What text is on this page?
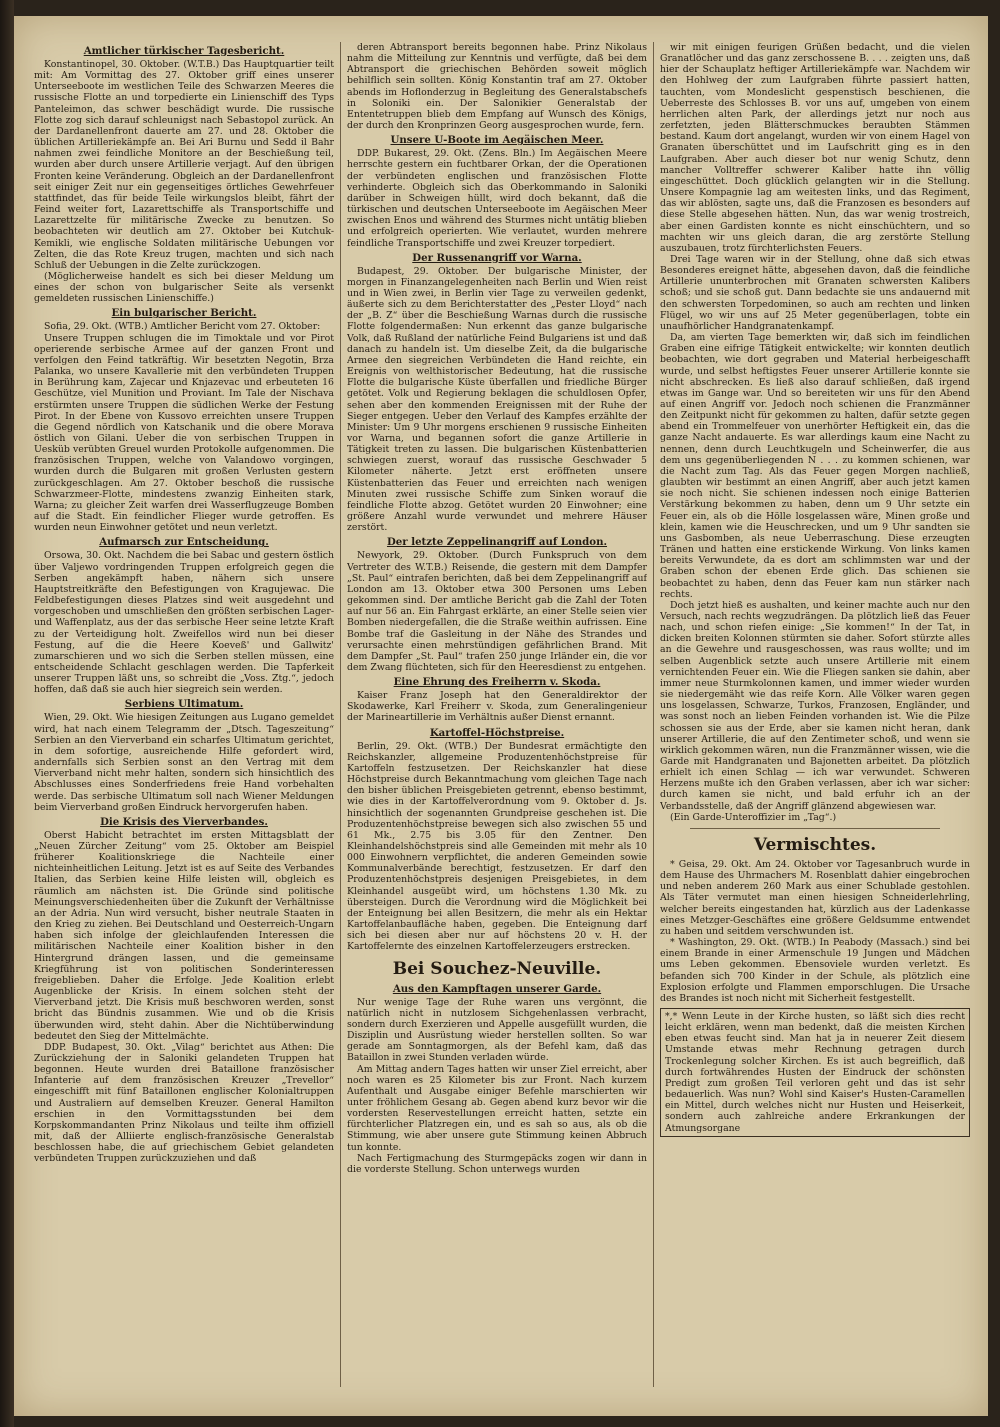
Amtlicher türkischer Tagesbericht.

Konstantinopel, 30. Oktober. (W.T.B.) Das Hauptquartier teilt mit: Am Vormittag des 27. Oktober griff eines unserer Unterseeboote im westlichen Teile des Schwarzen Meeres die russische Flotte an und torpedierte ein Linienschiff des Typs Panteleimon, das schwer beschädigt wurde. Die russische Flotte zog sich darauf schleunigst nach Sebastopol zurück. An der Dardanellenfront dauerte am 27. und 28. Oktober die üblichen Artilleriekämpfe an. Bei Ari Burnu und Sedd il Bahr nahmen zwei feindliche Monitore an der Beschießung teil, wurden aber durch unsere Artillerie verjagt. Auf den übrigen Fronten keine Veränderung. Obgleich an der Dardanellenfront seit einiger Zeit nur ein gegenseitiges örtliches Gewehrfeuer stattfindet, das für beide Teile wirkungslos bleibt, fährt der Feind weiter fort, Lazarettschiffe als Transportschiffe und Lazarettzelte für militärische Zwecke zu benutzen. So beobachteten wir deutlich am 27. Oktober bei Kutchuk-Kemikli, wie englische Soldaten militärische Uebungen vor Zelten, die das Rote Kreuz trugen, machten und sich nach Schluß der Uebungen in die Zelte zurückzogen.

(Möglicherweise handelt es sich bei dieser Meldung um eines der schon von bulgarischer Seite als versenkt gemeldeten russischen Linienschiffe.)

Ein bulgarischer Bericht.

Sofia, 29. Okt. (WTB.) Amtlicher Bericht vom 27. Oktober:

Unsere Truppen schlugen die im Timoktale und vor Pirot operierende serbische Armee auf der ganzen Front und verfolgen den Feind tatkräftig. Wir besetzten Negotin, Brza Palanka, wo unsere Kavallerie mit den verbündeten Truppen in Berührung kam, Zajecar und Knjazevac und erbeuteten 16 Geschütze, viel Munition und Proviant. Im Tale der Nischava erstürmten unsere Truppen die südlichen Werke der Festung Pirot. In der Ebene von Kussovo erreichten unsere Truppen die Gegend nördlich von Katschanik und die obere Morava östlich von Gilani. Ueber die von serbischen Truppen in Uesküb verübten Greuel wurden Protokolle aufgenommen. Die französischen Truppen, welche von Valandowo vorgingen, wurden durch die Bulgaren mit großen Verlusten gestern zurückgeschlagen. Am 27. Oktober beschoß die russische Schwarzmeer-Flotte, mindestens zwanzig Einheiten stark, Warna; zu gleicher Zeit warfen drei Wasserflugzeuge Bomben auf die Stadt. Ein feindlicher Flieger wurde getroffen. Es wurden neun Einwohner getötet und neun verletzt.

Aufmarsch zur Entscheidung.

Orsowa, 30. Okt. Nachdem die bei Sabac und gestern östlich über Valjewo vordringenden Truppen erfolgreich gegen die Serben angekämpft haben, nähern sich unsere Hauptstreitkräfte den Befestigungen von Kragujewac. Die Feldbefestigungen dieses Platzes sind weit ausgedehnt und vorgeschoben und umschließen den größten serbischen Lager- und Waffenplatz, aus der das serbische Heer seine letzte Kraft zu der Verteidigung holt. Zweifellos wird nun bei dieser Festung, auf die die Heere Koeveß' und Gallwitz' zumarschieren und wo sich die Serben stellen müssen, eine entscheidende Schlacht geschlagen werden. Die Tapferkeit unserer Truppen läßt uns, so schreibt die „Voss. Ztg.“, jedoch hoffen, daß daß sie auch hier siegreich sein werden.

Serbiens Ultimatum.

Wien, 29. Okt. Wie hiesigen Zeitungen aus Lugano gemeldet wird, hat nach einem Telegramm der „Dtsch. Tageszeitung“ Serbien an den Vierverband ein scharfes Ultimatum gerichtet, in dem sofortige, ausreichende Hilfe gefordert wird, andernfalls sich Serbien sonst an den Vertrag mit dem Vierverband nicht mehr halten, sondern sich hinsichtlich des Abschlusses eines Sonderfriedens freie Hand vorbehalten werde. Das serbische Ultimatum soll nach Wiener Meldungen beim Vierverband großen Eindruck hervorgerufen haben.

Die Krisis des Vierverbandes.

Oberst Habicht betrachtet im ersten Mittagsblatt der „Neuen Zürcher Zeitung“ vom 25. Oktober am Beispiel früherer Koalitionskriege die Nachteile einer nichteinheitlichen Leitung. Jetzt ist es auf Seite des Verbandes Italien, das Serbien keine Hilfe leisten will, obgleich es räumlich am nächsten ist. Die Gründe sind politische Meinungsverschiedenheiten über die Zukunft der Verhältnisse an der Adria. Nun wird versucht, bisher neutrale Staaten in den Krieg zu ziehen. Bei Deutschland und Oesterreich-Ungarn haben sich infolge der gleichlaufenden Interessen die militärischen Nachteile einer Koalition bisher in den Hintergrund drängen lassen, und die gemeinsame Kriegführung ist von politischen Sonderinteressen freigeblieben. Daher die Erfolge. Jede Koalition erlebt Augenblicke der Krisis. In einem solchen steht der Vierverband jetzt. Die Krisis muß beschworen werden, sonst bricht das Bündnis zusammen. Wie und ob die Krisis überwunden wird, steht dahin. Aber die Nichtüberwindung bedeutet den Sieg der Mittelmächte.

DDP. Budapest, 30. Okt. „Vilag“ berichtet aus Athen: Die Zurückziehung der in Saloniki gelandeten Truppen hat begonnen. Heute wurden drei Bataillone französischer Infanterie auf dem französischen Kreuzer „Trevellor“ eingeschifft mit fünf Bataillonen englischer Kolonialtruppen und Australiern auf demselben Kreuzer. General Hamilton erschien in den Vormittagsstunden bei dem Korpskommandanten Prinz Nikolaus und teilte ihm offiziell mit, daß der Alliierte englisch-französische Generalstab beschlossen habe, die auf griechischem Gebiet gelandeten verbündeten Truppen zurückzuziehen und daß

deren Abtransport bereits begonnen habe. Prinz Nikolaus nahm die Mitteilung zur Kenntnis und verfügte, daß bei dem Abtransport die griechischen Behörden soweit möglich behilflich sein sollten. König Konstantin traf am 27. Oktober abends im Hoflonderzug in Begleitung des Generalstabschefs in Soloniki ein. Der Salonikier Generalstab der Ententetruppen blieb dem Empfang auf Wunsch des Königs, der durch den Kronprinzen Georg ausgesprochen wurde, fern.

Unsere U-Boote im Aegäischen Meer.

DDP. Bukarest, 29. Okt. (Zens. Bln.) Im Aegäischen Meere herrschte gestern ein fuchtbarer Orkan, der die Operationen der verbündeten englischen und französischen Flotte verhinderte. Obgleich sich das Oberkommando in Saloniki darüber in Schweigen hüllt, wird doch bekannt, daß die türkischen und deutschen Unterseeboote im Aegäischen Meer zwischen Enos und während des Sturmes nicht untätig blieben und erfolgreich operierten. Wie verlautet, wurden mehrere feindliche Transportschiffe und zwei Kreuzer torpediert.

Der Russenangriff vor Warna.

Budapest, 29. Oktober. Der bulgarische Minister, der morgen in Finanzangelegenheiten nach Berlin und Wien reist und in Wien zwei, in Berlin vier Tage zu verweilen gedenkt, äußerte sich zu dem Berichterstatter des „Pester Lloyd“ nach der „B. Z“ über die Beschießung Warnas durch die russische Flotte folgendermaßen: Nun erkennt das ganze bulgarische Volk, daß Rußland der natürliche Feind Bulgariens ist und daß danach zu handeln ist. Um dieselbe Zeit, da die bulgarische Armee den siegreichen Verbündeten die Hand reichte, ein Ereignis von welthistorischer Bedeutung, hat die russische Flotte die bulgarische Küste überfallen und friedliche Bürger getötet. Volk und Regierung beklagen die schuldlosen Opfer, sehen aber den kommenden Ereignissen mit der Ruhe der Sieger entgegen. Ueber den Verlauf des Kampfes erzählte der Minister: Um 9 Uhr morgens erschienen 9 russische Einheiten vor Warna, und begannen sofort die ganze Artillerie in Tätigkeit treten zu lassen. Die bulgarischen Küstenbatterien schwiegen zuerst, worauf das russische Geschwader 5 Kilometer näherte. Jetzt erst eröffneten unsere Küstenbatterien das Feuer und erreichten nach wenigen Minuten zwei russische Schiffe zum Sinken worauf die feindliche Flotte abzog. Getötet wurden 20 Einwohner; eine größere Anzahl wurde verwundet und mehrere Häuser zerstört.

Der letzte Zeppelinangriff auf London.

Newyork, 29. Oktober. (Durch Funkspruch von dem Vertreter des W.T.B.) Reisende, die gestern mit dem Dampfer „St. Paul“ eintrafen berichten, daß bei dem Zeppelinangriff auf London am 13. Oktober etwa 300 Personen ums Leben gekommen sind. Der amtliche Bericht gab die Zahl der Toten auf nur 56 an. Ein Fahrgast erklärte, an einer Stelle seien vier Bomben niedergefallen, die die Straße weithin aufrissen. Eine Bombe traf die Gasleitung in der Nähe des Strandes und verursachte einen mehrstündigen gefährlichen Brand. Mit dem Dampfer „St. Paul“ trafen 250 junge Irländer ein, die vor dem Zwang flüchteten, sich für den Heeresdienst zu entgehen.

Eine Ehrung des Freiherrn v. Skoda.

Kaiser Franz Joseph hat den Generaldirektor der Skodawerke, Karl Freiherr v. Skoda, zum Generalingenieur der Marineartillerie im Verhältnis außer Dienst ernannt.

Kartoffel-Höchstpreise.

Berlin, 29. Okt. (WTB.) Der Bundesrat ermächtigte den Reichskanzler, allgemeine Produzentenhöchstpreise für Kartoffeln festzusetzen. Der Reichskanzler hat diese Höchstpreise durch Bekanntmachung vom gleichen Tage nach den bisher üblichen Preisgebieten getrennt, ebenso bestimmt, wie dies in der Kartoffelverordnung vom 9. Oktober d. Js. hinsichtlich der sogenannten Grundpreise geschehen ist. Die Produzentenhöchstpreise bewegen sich also zwischen 55 und 61 Mk., 2.75 bis 3.05 für den Zentner. Den Kleinhandelshöchstpreis sind alle Gemeinden mit mehr als 10 000 Einwohnern verpflichtet, die anderen Gemeinden sowie Kommunalverbände berechtigt, festzusetzen. Er darf den Produzentenhöchstpreis desjenigen Preisgebietes, in dem Kleinhandel ausgeübt wird, um höchstens 1.30 Mk. zu übersteigen. Durch die Verordnung wird die Möglichkeit bei der Enteignung bei allen Besitzern, die mehr als ein Hektar Kartoffelanbaufläche haben, gegeben. Die Enteignung darf sich bei diesen aber nur auf höchstens 20 v. H. der Kartoffelernte des einzelnen Kartoffelerzeugers erstrecken.

Bei Souchez-Neuville.
Aus den Kampftagen unserer Garde.

Nur wenige Tage der Ruhe waren uns vergönnt, die natürlich nicht in nutzlosem Sichgehenlassen verbracht, sondern durch Exerzieren und Appelle ausgefüllt wurden, die Disziplin und Ausrüstung wieder herstellen sollten. So war gerade am Sonntagmorgen, als der Befehl kam, daß das Bataillon in zwei Stunden verladen würde.

Am Mittag andern Tages hatten wir unser Ziel erreicht, aber noch waren es 25 Kilometer bis zur Front. Nach kurzem Aufenthalt und Ausgabe einiger Befehle marschierten wir unter fröhlichem Gesang ab. Gegen abend kurz bevor wir die vordersten Reservestellungen erreicht hatten, setzte ein fürchterlicher Platzregen ein, und es sah so aus, als ob die Stimmung, wie aber unsere gute Stimmung keinen Abbruch tun konnte.

Nach Fertigmachung des Sturmgepäcks zogen wir dann in die vorderste Stellung. Schon unterwegs wurden

wir mit einigen feurigen Grüßen bedacht, und die vielen Granatlöcher und das ganz zerschossene B. . . . zeigten uns, daß hier der Schauplatz heftiger Artilleriekämpfe war. Nachdem wir den Hohlweg der zum Laufgraben führte passiert hatten, tauchten, vom Mondeslicht gespenstisch beschienen, die Ueberreste des Schlosses B. vor uns auf, umgeben von einem herrlichen alten Park, der allerdings jetzt nur noch aus zerfetzten, jeden Blätterschmuckes beraubten Stämmen bestand. Kaum dort angelangt, wurden wir von einem Hagel von Granaten überschüttet und im Laufschritt ging es in den Laufgraben. Aber auch dieser bot nur wenig Schutz, denn mancher Volltreffer schwerer Kaliber hatte ihn völlig eingeschüttet. Doch glücklich gelangten wir in die Stellung. Unsere Kompagnie lag am weitesten links, und das Regiment, das wir ablösten, sagte uns, daß die Franzosen es besonders auf diese Stelle abgesehen hätten. Nun, das war wenig trostreich, aber einen Gardisten konnte es nicht einschüchtern, und so machten wir uns gleich daran, die arg zerstörte Stellung auszubauen, trotz fürchterlichsten Feuers.

Drei Tage waren wir in der Stellung, ohne daß sich etwas Besonderes ereignet hätte, abgesehen davon, daß die feindliche Artillerie ununterbrochen mit Granaten schwersten Kalibers schoß; und sie schoß gut. Dann bedachte sie uns andauernd mit den schwersten Torpedominen, so auch am rechten und linken Flügel, wo wir uns auf 25 Meter gegenüberlagen, tobte ein unaufhörlicher Handgranatenkampf.

Da, am vierten Tage bemerkten wir, daß sich im feindlichen Graben eine eifrige Tätigkeit entwickelte; wir konnten deutlich beobachten, wie dort gegraben und Material herbeigeschafft wurde, und selbst heftigstes Feuer unserer Artillerie konnte sie nicht abschrecken. Es ließ also darauf schließen, daß irgend etwas im Gange war. Und so bereiteten wir uns für den Abend auf einen Angriff vor. Jedoch noch schienen die Franzmänner den Zeitpunkt nicht für gekommen zu halten, dafür setzte gegen abend ein Trommelfeuer von unerhörter Heftigkeit ein, das die ganze Nacht andauerte. Es war allerdings kaum eine Nacht zu nennen, denn durch Leuchtkugeln und Scheinwerfer, die aus dem uns gegenüberliegenden N . . . zu kommen schienen, war die Nacht zum Tag. Als das Feuer gegen Morgen nachließ, glaubten wir bestimmt an einen Angriff, aber auch jetzt kamen sie noch nicht. Sie schienen indessen noch einige Batterien Verstärkung bekommen zu haben, denn um 9 Uhr setzte ein Feuer ein, als ob die Hölle losgelassen wäre, Minen große und klein, kamen wie die Heuschrecken, und um 9 Uhr sandten sie uns Gasbomben, als neue Ueberraschung. Diese erzeugten Tränen und hatten eine erstickende Wirkung. Von links kamen bereits Verwundete, da es dort am schlimmsten war und der Graben schon der ebenen Erde glich. Das schienen sie beobachtet zu haben, denn das Feuer kam nun stärker nach rechts.

Doch jetzt hieß es aushalten, und keiner machte auch nur den Versuch, nach rechts wegzudrängen. Da plötzlich ließ das Feuer nach, und schon riefen einige: „Sie kommen!“ In der Tat, in dicken breiten Kolonnen stürmten sie daher. Sofort stürzte alles an die Gewehre und rausgeschossen, was raus wollte; und im selben Augenblick setzte auch unsere Artillerie mit einem vernichtenden Feuer ein. Wie die Fliegen sanken sie dahin, aber immer neue Sturmkolonnen kamen, und immer wieder wurden sie niedergemäht wie das reife Korn. Alle Völker waren gegen uns losgelassen, Schwarze, Turkos, Franzosen, Engländer, und was sonst noch an lieben Feinden vorhanden ist. Wie die Pilze schossen sie aus der Erde, aber sie kamen nicht heran, dank unserer Artillerie, die auf den Zentimeter schoß, und wenn sie wirklich gekommen wären, nun die Franzmänner wissen, wie die Garde mit Handgranaten und Bajonetten arbeitet. Da plötzlich erhielt ich einen Schlag — ich war verwundet. Schweren Herzens mußte ich den Graben verlassen, aber ich war sicher: durch kamen sie nicht, und bald erfuhr ich an der Verbandsstelle, daß der Angriff glänzend abgewiesen war.

(Ein Garde-Unteroffizier im „Tag“.)

Vermischtes.

* Geisa, 29. Okt. Am 24. Oktober vor Tagesanbruch wurde in dem Hause des Uhrmachers M. Rosenblatt dahier eingebrochen und neben anderem 260 Mark aus einer Schublade gestohlen. Als Täter vermutet man einen hiesigen Schneiderlehrling, welcher bereits eingestanden hat, kürzlich aus der Ladenkasse eines Metzger-Geschäftes eine größere Geldsumme entwendet zu haben und seitdem verschwunden ist.

* Washington, 29. Okt. (WTB.) In Peabody (Massach.) sind bei einem Brande in einer Armenschule 19 Jungen und Mädchen ums Leben gekommen. Ebensoviele wurden verletzt. Es befanden sich 700 Kinder in der Schule, als plötzlich eine Explosion erfolgte und Flammen emporschlugen. Die Ursache des Brandes ist noch nicht mit Sicherheit festgestellt.

*,* Wenn Leute in der Kirche husten, so läßt sich dies recht leicht erklären, wenn man bedenkt, daß die meisten Kirchen eben etwas feucht sind. Man hat ja in neuerer Zeit diesem Umstande etwas mehr Rechnung getragen durch Trockenlegung solcher Kirchen. Es ist auch begreiflich, daß durch fortwährendes Husten der Eindruck der schönsten Predigt zum großen Teil verloren geht und das ist sehr bedauerlich. Was nun? Wohl sind Kaiser's Husten-Caramellen ein Mittel, durch welches nicht nur Husten und Heiserkeit, sondern auch zahlreiche andere Erkrankungen der Atmungsorgane
